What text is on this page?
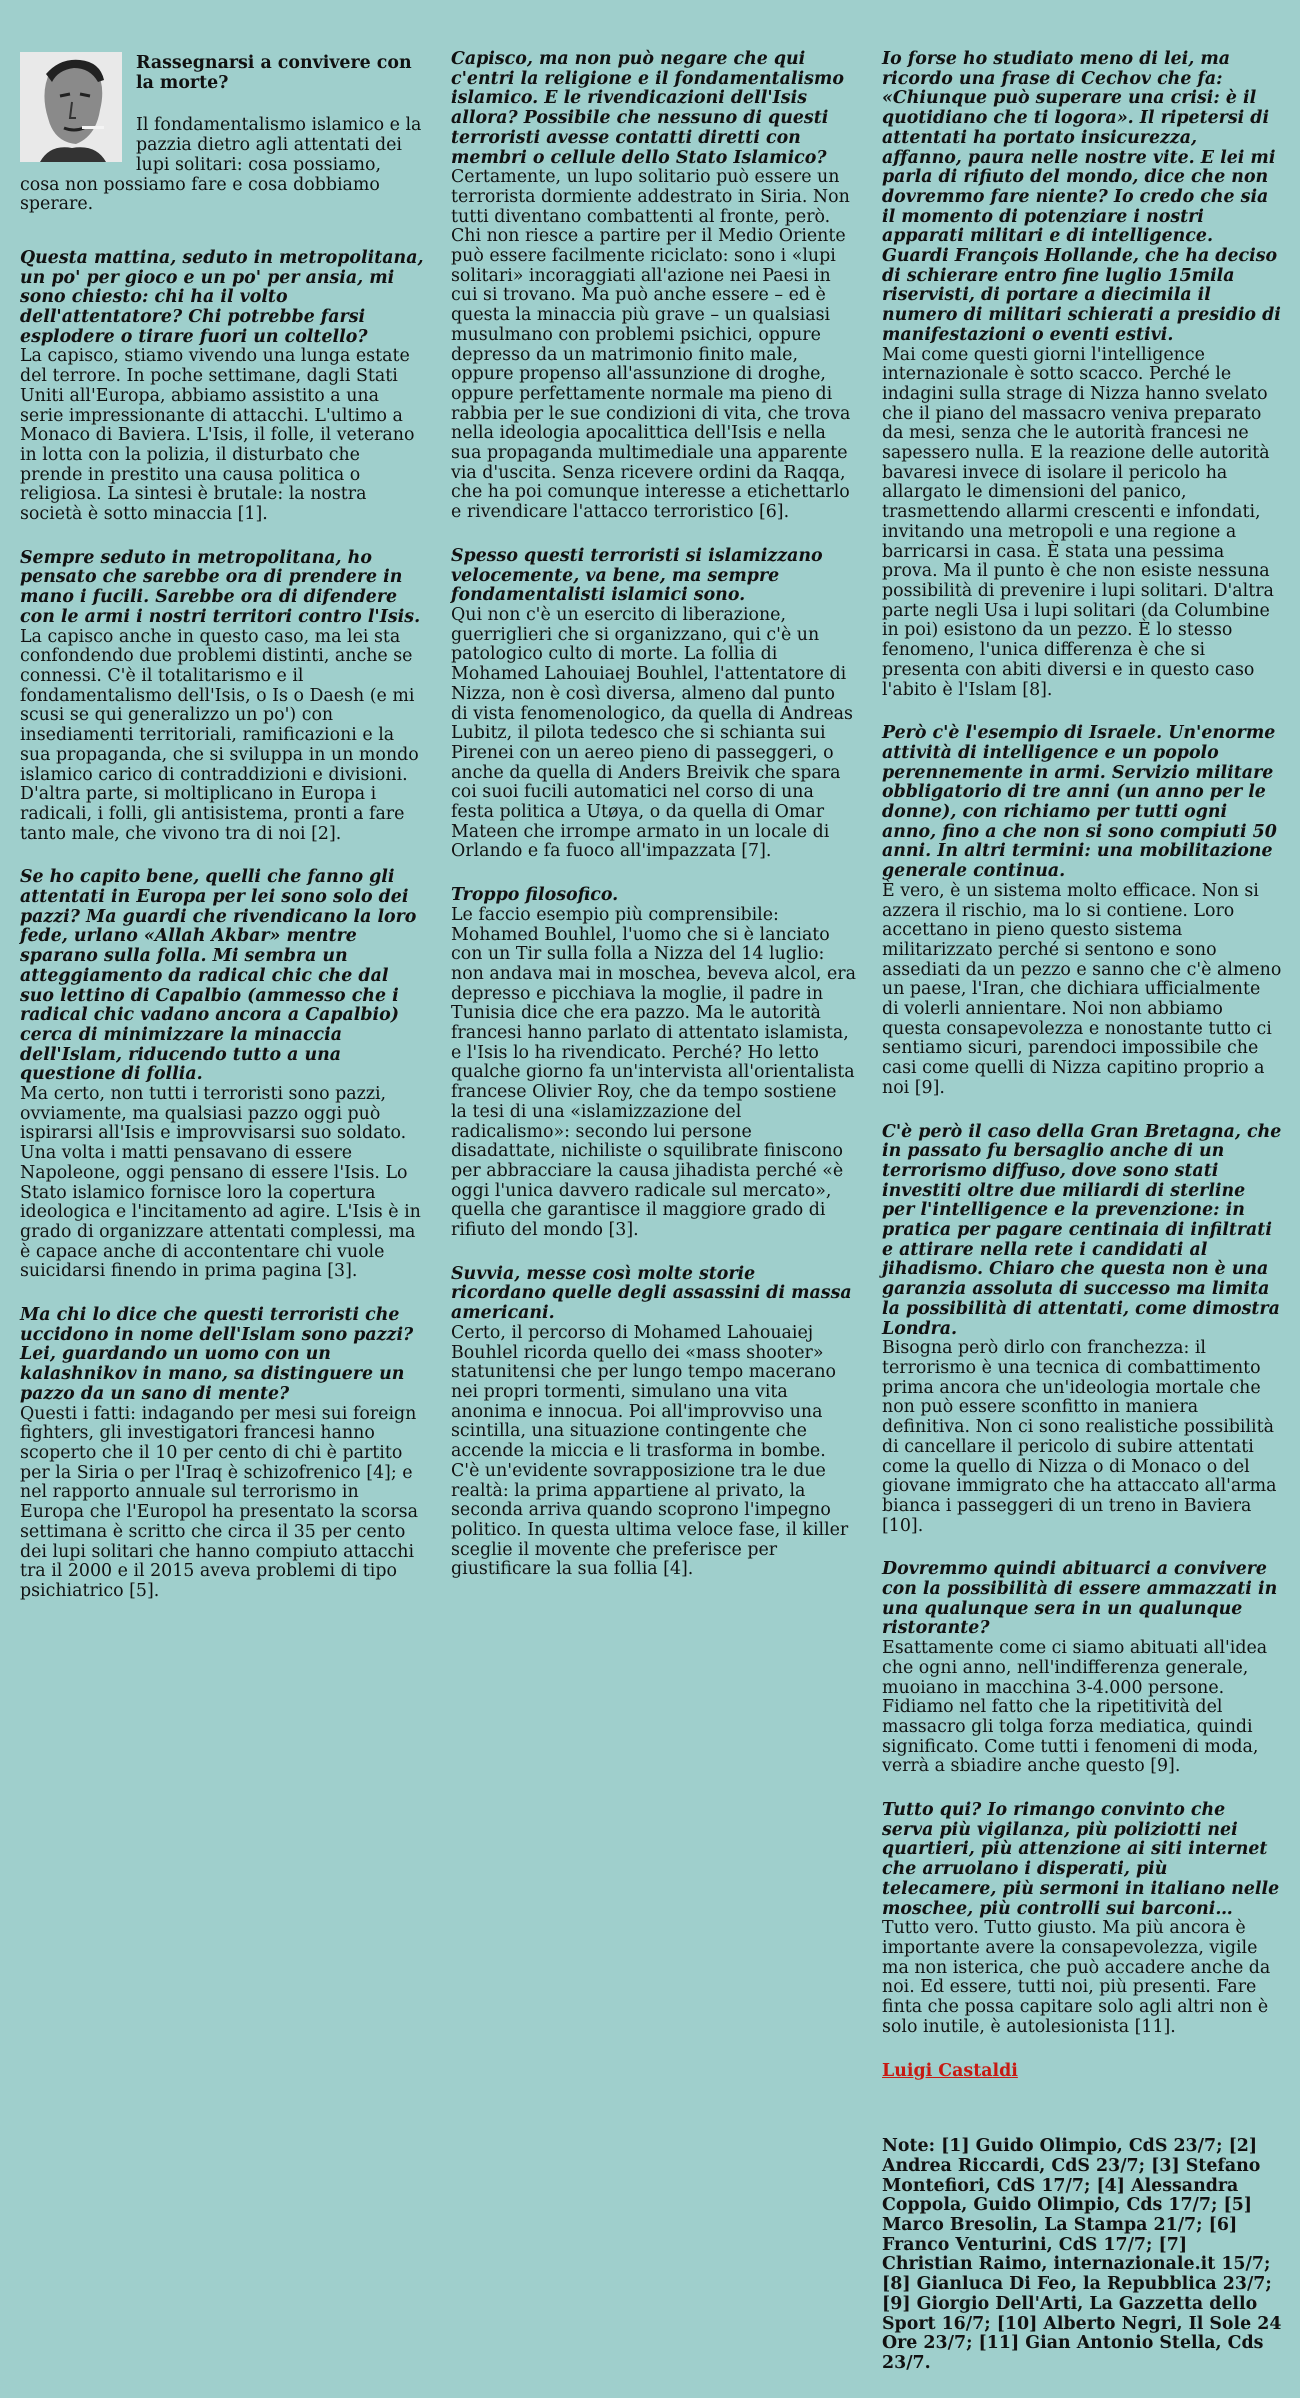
Rassegnarsi a convivere con la morte?
Il fondamentalismo islamico e la pazzia dietro agli attentati dei lupi solitari: cosa possiamo, cosa non possiamo fare e cosa dobbiamo sperare.

Questa mattina, seduto in metropolitana, un po' per gioco e un po' per ansia, mi sono chiesto: chi ha il volto dell'attentatore? Chi potrebbe farsi esplodere o tirare fuori un coltello?
La capisco, stiamo vivendo una lunga estate del terrore. In poche settimane, dagli Stati Uniti all'Europa, abbiamo assistito a una serie impressionante di attacchi. L'ultimo a Monaco di Baviera. L'Isis, il folle, il veterano in lotta con la polizia, il disturbato che prende in prestito una causa politica o religiosa. La sintesi è brutale: la nostra società è sotto minaccia [1].

Sempre seduto in metropolitana, ho pensato che sarebbe ora di prendere in mano i fucili. Sarebbe ora di difendere con le armi i nostri territori contro l'Isis.
La capisco anche in questo caso, ma lei sta confondendo due problemi distinti, anche se connessi. C'è il totalitarismo e il fondamentalismo dell'Isis, o Is o Daesh (e mi scusi se qui generalizzo un po') con insediamenti territoriali, ramificazioni e la sua propaganda, che si sviluppa in un mondo islamico carico di contraddizioni e divisioni. D'altra parte, si moltiplicano in Europa i radicali, i folli, gli antisistema, pronti a fare tanto male, che vivono tra di noi [2].

Se ho capito bene, quelli che fanno gli attentati in Europa per lei sono solo dei pazzi? Ma guardi che rivendicano la loro fede, urlano «Allah Akbar» mentre sparano sulla folla. Mi sembra un atteggiamento da radical chic che dal suo lettino di Capalbio (ammesso che i radical chic vadano ancora a Capalbio) cerca di minimizzare la minaccia dell'Islam, riducendo tutto a una questione di follia.
Ma certo, non tutti i terroristi sono pazzi, ovviamente, ma qualsiasi pazzo oggi può ispirarsi all'Isis e improvvisarsi suo soldato. Una volta i matti pensavano di essere Napoleone, oggi pensano di essere l'Isis. Lo Stato islamico fornisce loro la copertura ideologica e l'incitamento ad agire. L'Isis è in grado di organizzare attentati complessi, ma è capace anche di accontentare chi vuole suicidarsi finendo in prima pagina [3].

Ma chi lo dice che questi terroristi che uccidono in nome dell'Islam sono pazzi? Lei, guardando un uomo con un kalashnikov in mano, sa distinguere un pazzo da un sano di mente?
Questi i fatti: indagando per mesi sui foreign fighters, gli investigatori francesi hanno scoperto che il 10 per cento di chi è partito per la Siria o per l'Iraq è schizofrenico [4]; e nel rapporto annuale sul terrorismo in Europa che l'Europol ha presentato la scorsa settimana è scritto che circa il 35 per cento dei lupi solitari che hanno compiuto attacchi tra il 2000 e il 2015 aveva problemi di tipo psichiatrico [5].

Capisco, ma non può negare che qui c'entri la religione e il fondamentalismo islamico. E le rivendicazioni dell'Isis allora? Possibile che nessuno di questi terroristi avesse contatti diretti con membri o cellule dello Stato Islamico?
Certamente, un lupo solitario può essere un terrorista dormiente addestrato in Siria. Non tutti diventano combattenti al fronte, però. Chi non riesce a partire per il Medio Oriente può essere facilmente riciclato: sono i «lupi solitari» incoraggiati all'azione nei Paesi in cui si trovano. Ma può anche essere – ed è questa la minaccia più grave – un qualsiasi musulmano con problemi psichici, oppure depresso da un matrimonio finito male, oppure propenso all'assunzione di droghe, oppure perfettamente normale ma pieno di rabbia per le sue condizioni di vita, che trova nella ideologia apocalittica dell'Isis e nella sua propaganda multimediale una apparente via d'uscita. Senza ricevere ordini da Raqqa, che ha poi comunque interesse a etichettarlo e rivendicare l'attacco terroristico [6].

Spesso questi terroristi si islamizzano velocemente, va bene, ma sempre fondamentalisti islamici sono.
Qui non c'è un esercito di liberazione, guerriglieri che si organizzano, qui c'è un patologico culto di morte. La follia di Mohamed Lahouiaej Bouhlel, l'attentatore di Nizza, non è così diversa, almeno dal punto di vista fenomenologico, da quella di Andreas Lubitz, il pilota tedesco che si schianta sui Pirenei con un aereo pieno di passeggeri, o anche da quella di Anders Breivik che spara coi suoi fucili automatici nel corso di una festa politica a Utøya, o da quella di Omar Mateen che irrompe armato in un locale di Orlando e fa fuoco all'impazzata [7].

Troppo filosofico.
Le faccio esempio più comprensibile: Mohamed Bouhlel, l'uomo che si è lanciato con un Tir sulla folla a Nizza del 14 luglio: non andava mai in moschea, beveva alcol, era depresso e picchiava la moglie, il padre in Tunisia dice che era pazzo. Ma le autorità francesi hanno parlato di attentato islamista, e l'Isis lo ha rivendicato. Perché? Ho letto qualche giorno fa un'intervista all'orientalista francese Olivier Roy, che da tempo sostiene la tesi di una «islamizzazione del radicalismo»: secondo lui persone disadattate, nichiliste o squilibrate finiscono per abbracciare la causa jihadista perché «è oggi l'unica davvero radicale sul mercato», quella che garantisce il maggiore grado di rifiuto del mondo [3].

Suvvia, messe così molte storie ricordano quelle degli assassini di massa americani.
Certo, il percorso di Mohamed Lahouaiej Bouhlel ricorda quello dei «mass shooter» statunitensi che per lungo tempo macerano nei propri tormenti, simulano una vita anonima e innocua. Poi all'improvviso una scintilla, una situazione contingente che accende la miccia e li trasforma in bombe. C'è un'evidente sovrapposizione tra le due realtà: la prima appartiene al privato, la seconda arriva quando scoprono l'impegno politico. In questa ultima veloce fase, il killer sceglie il movente che preferisce per giustificare la sua follia [4].

Io forse ho studiato meno di lei, ma ricordo una frase di Cechov che fa: «Chiunque può superare una crisi: è il quotidiano che ti logora». Il ripetersi di attentati ha portato insicurezza, affanno, paura nelle nostre vite. E lei mi parla di rifiuto del mondo, dice che non dovremmo fare niente? Io credo che sia il momento di potenziare i nostri apparati militari e di intelligence. Guardi François Hollande, che ha deciso di schierare entro fine luglio 15mila riservisti, di portare a diecimila il numero di militari schierati a presidio di manifestazioni o eventi estivi.
Mai come questi giorni l'intelligence internazionale è sotto scacco. Perché le indagini sulla strage di Nizza hanno svelato che il piano del massacro veniva preparato da mesi, senza che le autorità francesi ne sapessero nulla. E la reazione delle autorità bavaresi invece di isolare il pericolo ha allargato le dimensioni del panico, trasmettendo allarmi crescenti e infondati, invitando una metropoli e una regione a barricarsi in casa. È stata una pessima prova. Ma il punto è che non esiste nessuna possibilità di prevenire i lupi solitari. D'altra parte negli Usa i lupi solitari (da Columbine in poi) esistono da un pezzo. È lo stesso fenomeno, l'unica differenza è che si presenta con abiti diversi e in questo caso l'abito è l'Islam [8].

Però c'è l'esempio di Israele. Un'enorme attività di intelligence e un popolo perennemente in armi. Servizio militare obbligatorio di tre anni (un anno per le donne), con richiamo per tutti ogni anno, fino a che non si sono compiuti 50 anni. In altri termini: una mobilitazione generale continua.
È vero, è un sistema molto efficace. Non si azzera il rischio, ma lo si contiene. Loro accettano in pieno questo sistema militarizzato perché si sentono e sono assediati da un pezzo e sanno che c'è almeno un paese, l'Iran, che dichiara ufficialmente di volerli annientare. Noi non abbiamo questa consapevolezza e nonostante tutto ci sentiamo sicuri, parendoci impossibile che casi come quelli di Nizza capitino proprio a noi [9].

C'è però il caso della Gran Bretagna, che in passato fu bersaglio anche di un terrorismo diffuso, dove sono stati investiti oltre due miliardi di sterline per l'intelligence e la prevenzione: in pratica per pagare centinaia di infiltrati e attirare nella rete i candidati al jihadismo. Chiaro che questa non è una garanzia assoluta di successo ma limita la possibilità di attentati, come dimostra Londra.
Bisogna però dirlo con franchezza: il terrorismo è una tecnica di combattimento prima ancora che un'ideologia mortale che non può essere sconfitto in maniera definitiva. Non ci sono realistiche possibilità di cancellare il pericolo di subire attentati come la quello di Nizza o di Monaco o del giovane immigrato che ha attaccato all'arma bianca i passeggeri di un treno in Baviera [10].

Dovremmo quindi abituarci a convivere con la possibilità di essere ammazzati in una qualunque sera in un qualunque ristorante?
Esattamente come ci siamo abituati all'idea che ogni anno, nell'indifferenza generale, muoiano in macchina 3-4.000 persone. Fidiamo nel fatto che la ripetitività del massacro gli tolga forza mediatica, quindi significato. Come tutti i fenomeni di moda, verrà a sbiadire anche questo [9].

Tutto qui? Io rimango convinto che serva più vigilanza, più poliziotti nei quartieri, più attenzione ai siti internet che arruolano i disperati, più telecamere, più sermoni in italiano nelle moschee, più controlli sui barconi…
Tutto vero. Tutto giusto. Ma più ancora è importante avere la consapevolezza, vigile ma non isterica, che può accadere anche da noi. Ed essere, tutti noi, più presenti. Fare finta che possa capitare solo agli altri non è solo inutile, è autolesionista [11].

Luigi Castaldi

Note: [1] Guido Olimpio, CdS 23/7; [2] Andrea Riccardi, CdS 23/7; [3] Stefano Montefiori, CdS 17/7; [4] Alessandra Coppola, Guido Olimpio, Cds 17/7; [5] Marco Bresolin, La Stampa 21/7; [6] Franco Venturini, CdS 17/7; [7] Christian Raimo, internazionale.it 15/7; [8] Gianluca Di Feo, la Repubblica 23/7; [9] Giorgio Dell'Arti, La Gazzetta dello Sport 16/7; [10] Alberto Negri, Il Sole 24 Ore 23/7; [11] Gian Antonio Stella, Cds 23/7.
